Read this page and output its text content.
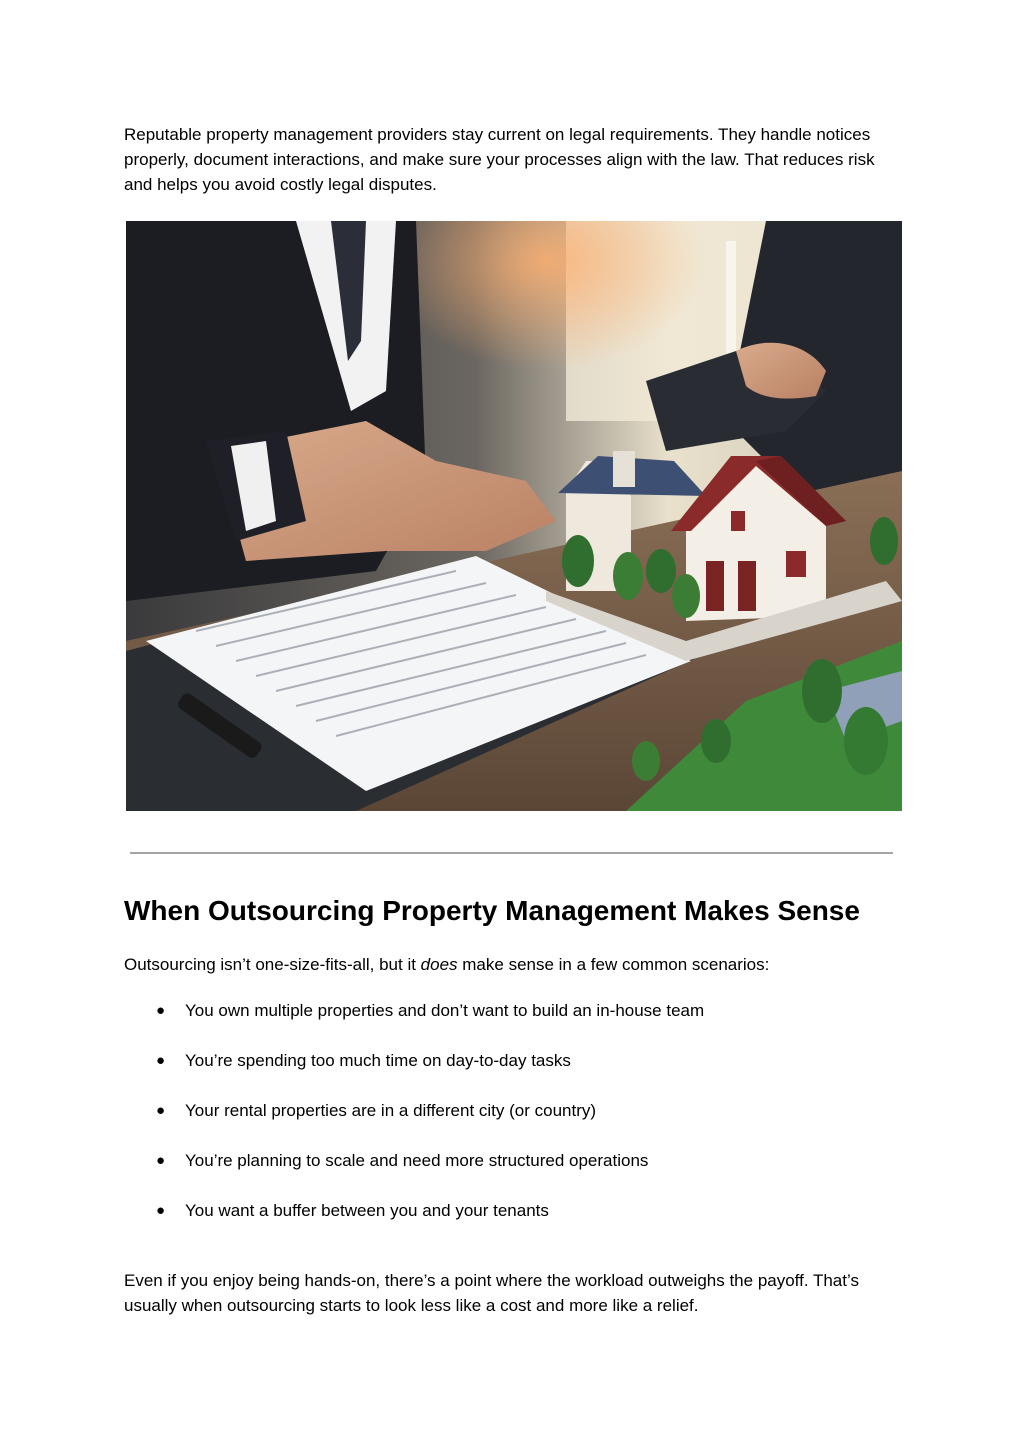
Reputable property management providers stay current on legal requirements. They handle notices properly, document interactions, and make sure your processes align with the law. That reduces risk and helps you avoid costly legal disputes.

When Outsourcing Property Management Makes Sense

Outsourcing isn’t one-size-fits-all, but it does make sense in a few common scenarios:

● You own multiple properties and don’t want to build an in-house team
● You’re spending too much time on day-to-day tasks
● Your rental properties are in a different city (or country)
● You’re planning to scale and need more structured operations
● You want a buffer between you and your tenants

Even if you enjoy being hands-on, there’s a point where the workload outweighs the payoff. That’s usually when outsourcing starts to look less like a cost and more like a relief.
